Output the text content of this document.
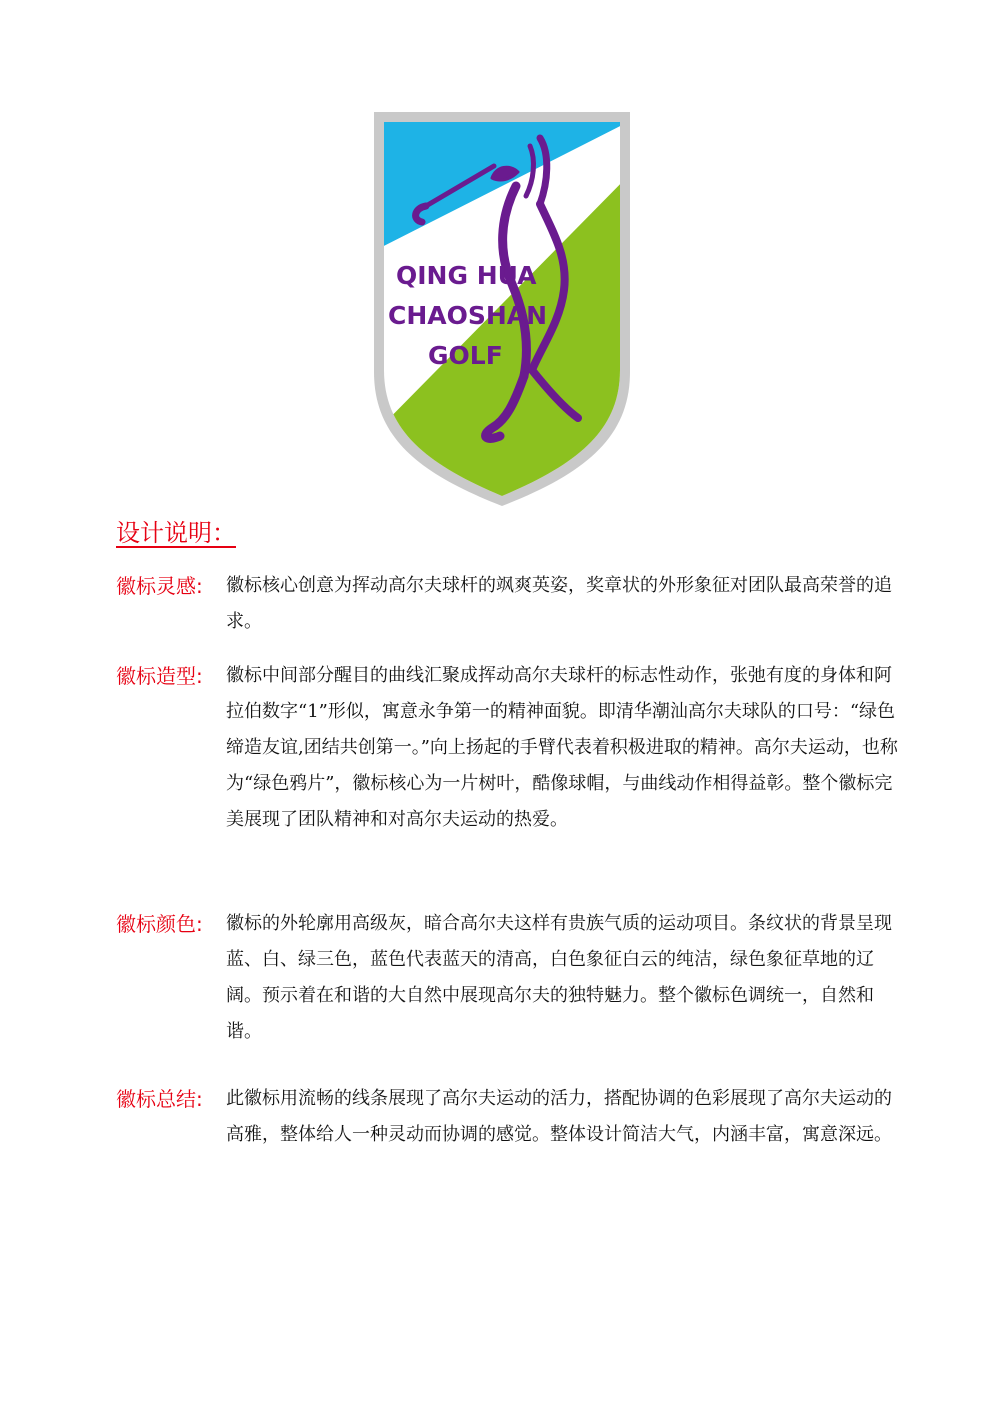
QING HUA
CHAOSHAN
GOLF
设计说明：
徽标灵感:	徽标核心创意为挥动高尔夫球杆的飒爽英姿，奖章状的外形象征对团队最高荣誉的追求。

徽标造型:	徽标中间部分醒目的曲线汇聚成挥动高尔夫球杆的标志性动作，张弛有度的身体和阿拉伯数字“1”形似，寓意永争第一的精神面貌。即清华潮汕高尔夫球队的口号：“绿色缔造友谊,团结共创第一。”向上扬起的手臂代表着积极进取的精神。高尔夫运动，也称为“绿色鸦片”，徽标核心为一片树叶，酷像球帽，与曲线动作相得益彰。整个徽标完美展现了团队精神和对高尔夫运动的热爱。

徽标颜色:	徽标的外轮廓用高级灰，暗合高尔夫这样有贵族气质的运动项目。条纹状的背景呈现蓝、白、绿三色，蓝色代表蓝天的清高，白色象征白云的纯洁，绿色象征草地的辽阔。预示着在和谐的大自然中展现高尔夫的独特魅力。整个徽标色调统一，自然和谐。

徽标总结:	此徽标用流畅的线条展现了高尔夫运动的活力，搭配协调的色彩展现了高尔夫运动的高雅，整体给人一种灵动而协调的感觉。整体设计简洁大气，内涵丰富，寓意深远。
